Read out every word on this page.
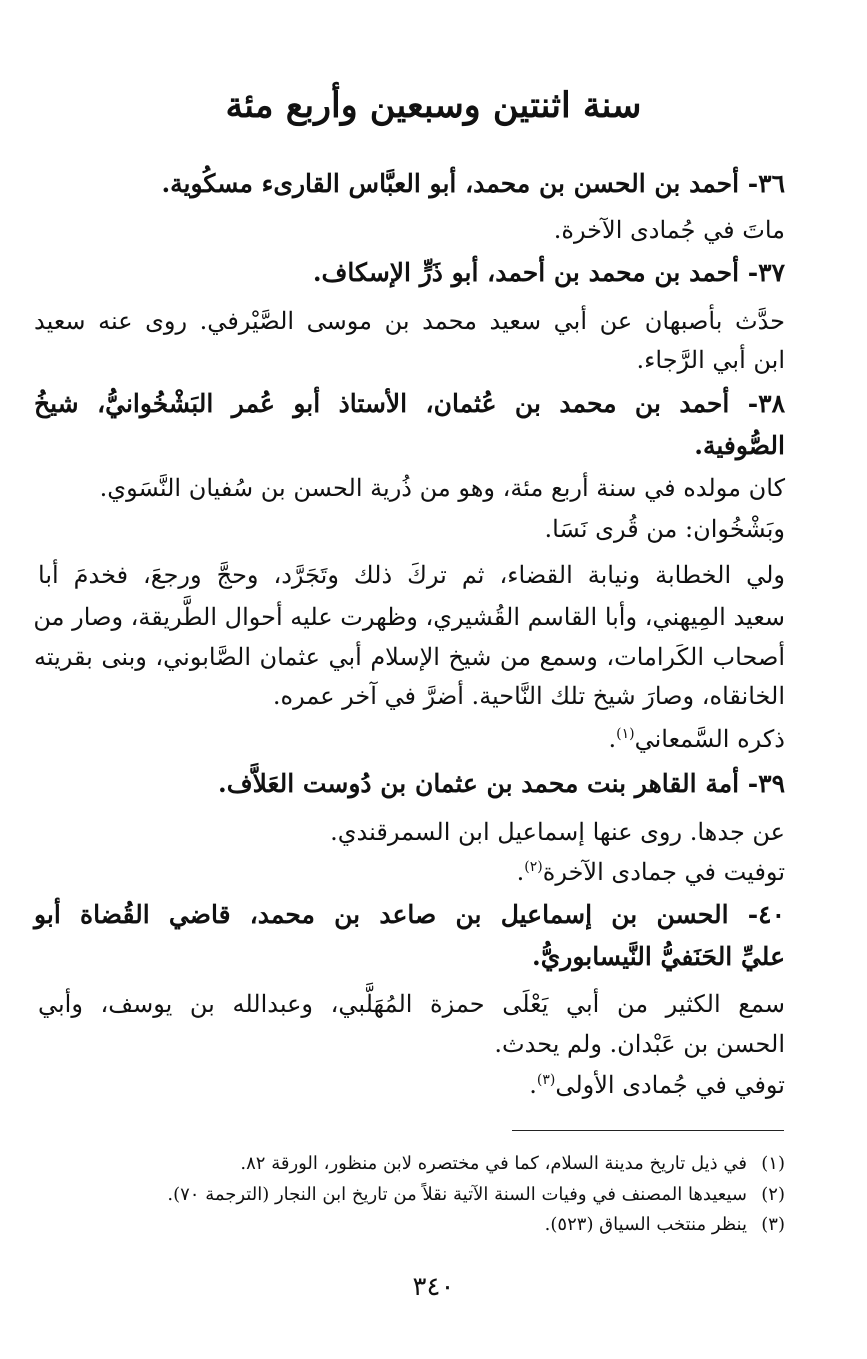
سنة اثنتين وسبعين وأربع مئة
٣٦- أحمد بن الحسن بن محمد، أبو العبَّاس القارىء مسكُوية.
ماتَ في جُمادى الآخرة.
٣٧- أحمد بن محمد بن أحمد، أبو ذَرٍّ الإسكاف.
حدَّث بأصبهان عن أبي سعيد محمد بن موسى الصَّيْرفي. روى عنه سعيد
ابن أبي الرَّجاء.
٣٨- أحمد بن محمد بن عُثمان، الأستاذ أبو عُمر البَشْخُوانيُّ، شيخُ
الصُّوفية.
كان مولده في سنة أربع مئة، وهو من ذُرية الحسن بن سُفيان النَّسَوي.
وبَشْخُوان: من قُرى نَسَا.
ولي الخطابة ونيابة القضاء، ثم تركَ ذلك وتَجَرَّد، وحجَّ ورجعَ، فخدمَ أبا
سعيد المِيهني، وأبا القاسم القُشيري، وظهرت عليه أحوال الطَّريقة، وصار من
أصحاب الكَرامات، وسمع من شيخ الإسلام أبي عثمان الصَّابوني، وبنى بقريته
الخانقاه، وصارَ شيخ تلك النَّاحية. أضرَّ في آخر عمره.
ذكره السَّمعاني$^{(١)}$.
٣٩- أمة القاهر بنت محمد بن عثمان بن دُوست العَلاَّف.
عن جدها. روى عنها إسماعيل ابن السمرقندي.
توفيت في جمادى الآخرة$^{(٢)}$.
٤٠- الحسن بن إسماعيل بن صاعد بن محمد، قاضي القُضاة أبو
عليِّ الحَنَفيُّ النَّيسابوريُّ.
سمع الكثير من أبي يَعْلَى حمزة المُهَلَّبي، وعبدالله بن يوسف، وأبي
الحسن بن عَبْدان. ولم يحدث.
توفي في جُمادى الأولى$^{(٣)}$.
(١)في ذيل تاريخ مدينة السلام، كما في مختصره لابن منظور، الورقة ٨٢.
(٢)سيعيدها المصنف في وفيات السنة الآتية نقلاً من تاريخ ابن النجار (الترجمة ٧٠).
(٣)ينظر منتخب السياق (٥٢٣).
٣٤٠
